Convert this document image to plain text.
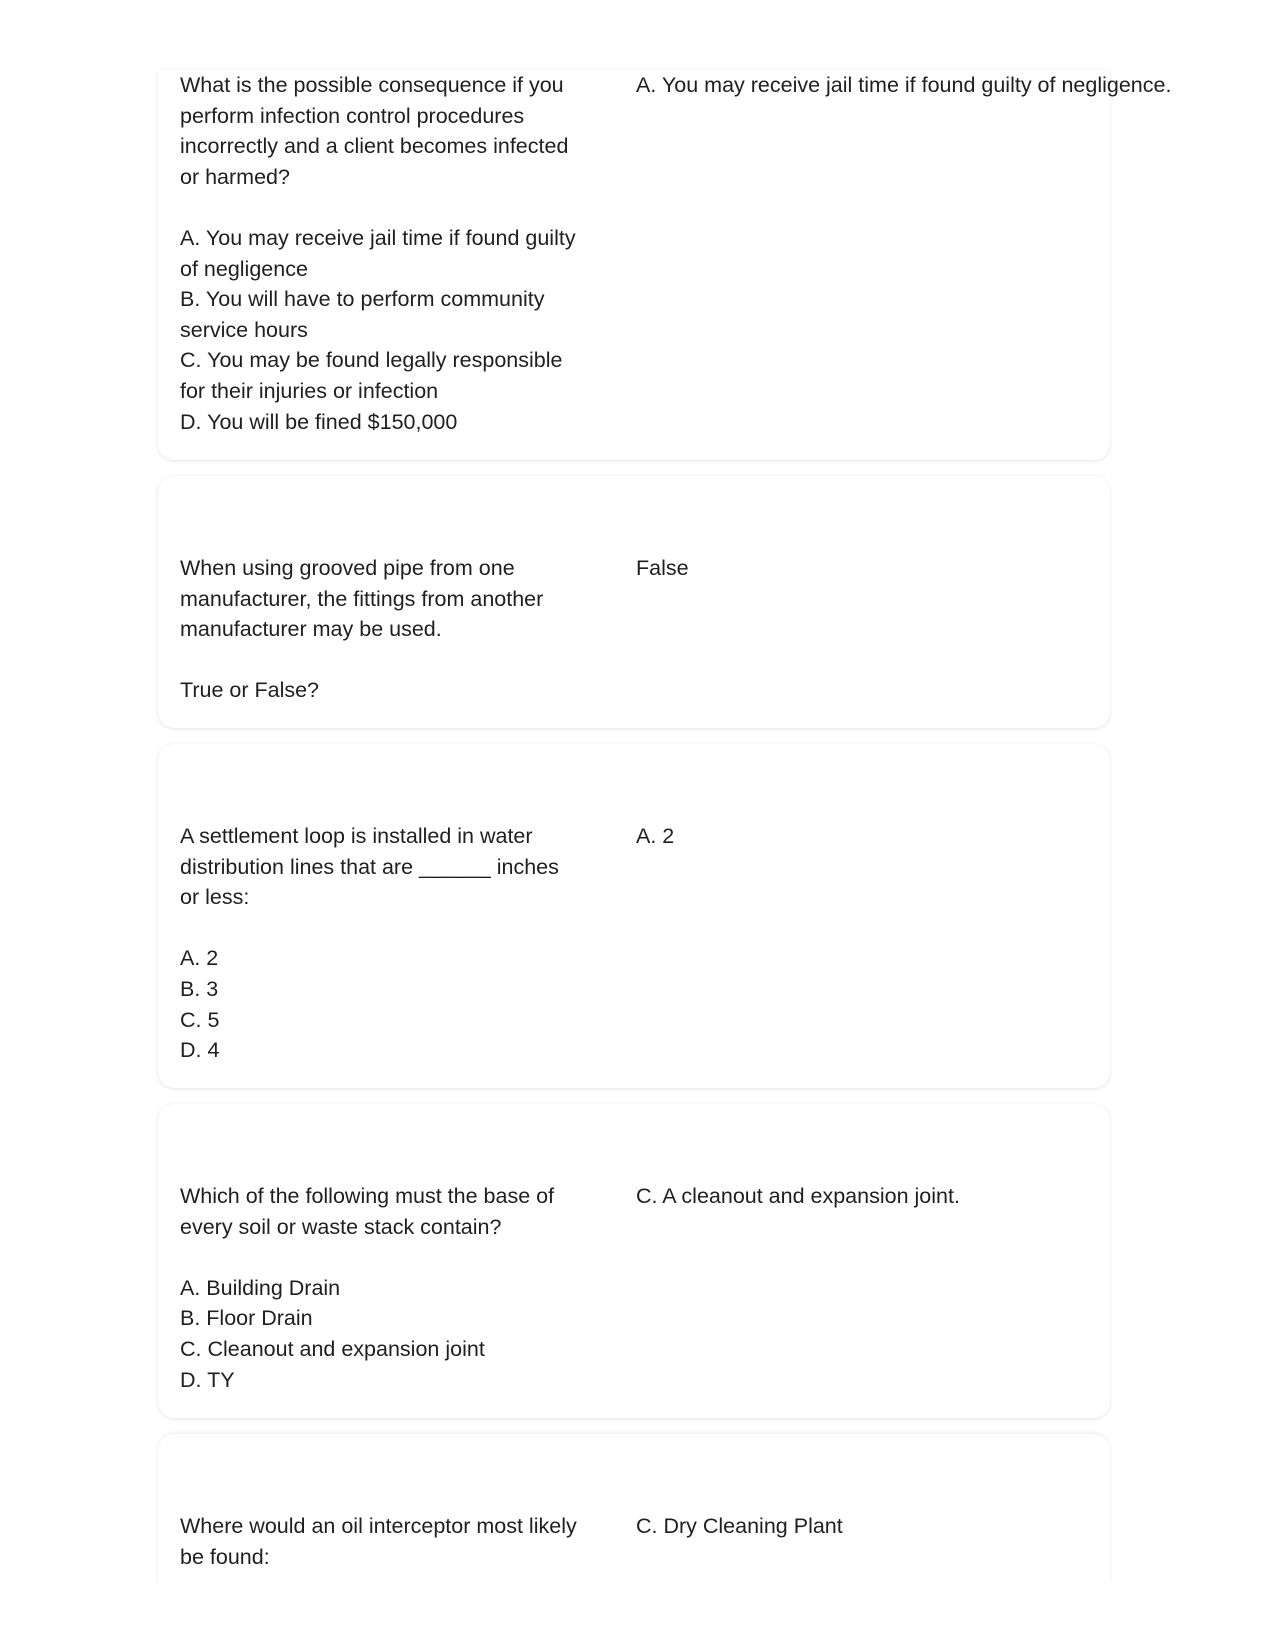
What is the possible consequence if you
perform infection control procedures
incorrectly and a client becomes infected
or harmed?

A. You may receive jail time if found guilty
of negligence
B. You will have to perform community
service hours
C. You may be found legally responsible
for their injuries or infection
D. You will be fined $150,000
A. You may receive jail time if found guilty of negligence.
When using grooved pipe from one
manufacturer, the fittings from another
manufacturer may be used.

True or False?
False
A settlement loop is installed in water
distribution lines that are ______ inches
or less:

A. 2
B. 3
C. 5
D. 4
A. 2
Which of the following must the base of
every soil or waste stack contain?

A. Building Drain
B. Floor Drain
C. Cleanout and expansion joint
D. TY
C. A cleanout and expansion joint.
Where would an oil interceptor most likely
be found:
C. Dry Cleaning Plant
